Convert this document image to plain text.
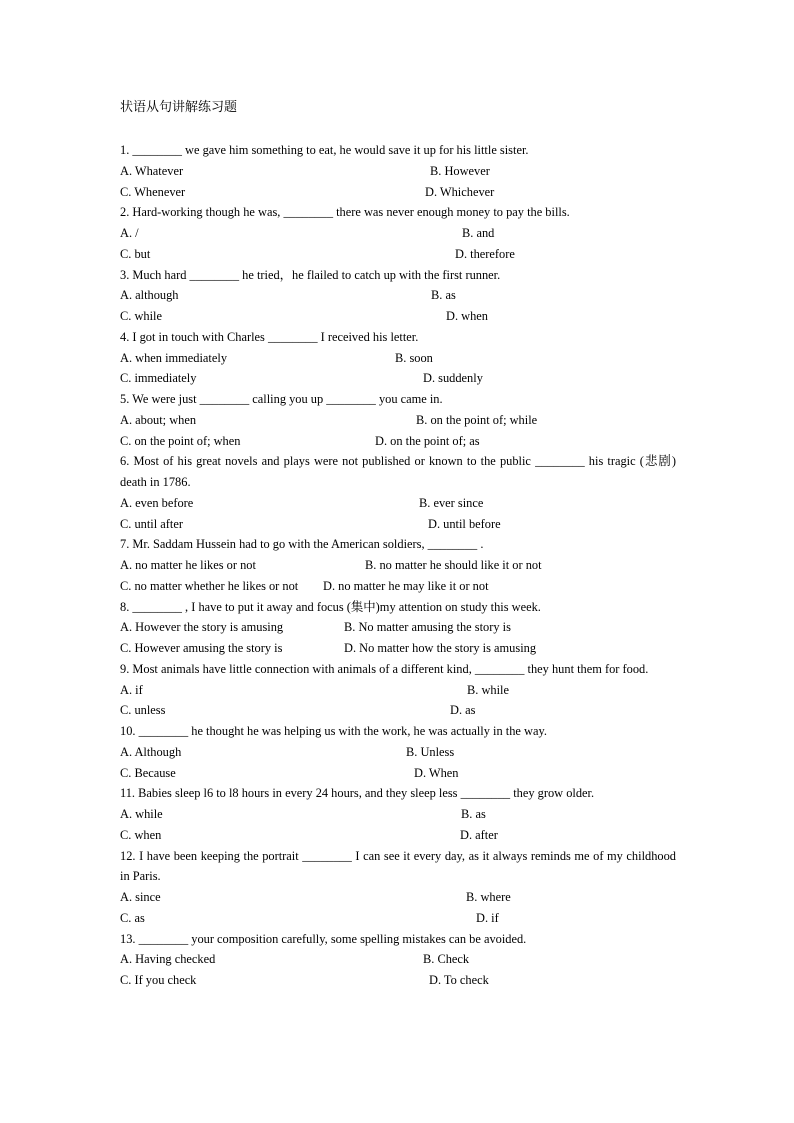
状语从句讲解练习题
1. ________ we gave him something to eat, he would save it up for his little sister.
A. Whatever	B. However
C. Whenever	D. Whichever
2. Hard-working though he was, ________ there was never enough money to pay the bills.
A. /	B. and
C. but	D. therefore
3. Much hard ________ he tried，he flailed to catch up with the first runner.
A. although	B. as
C. while	D. when
4. I got in touch with Charles ________ I received his letter.
A. when immediately	B. soon
C. immediately	D. suddenly
5. We were just ________ calling you up ________ you came in.
A. about; when	B. on the point of; while
C. on the point of; when	D. on the point of; as
6. Most of his great novels and plays were not published or known to the public ________ his tragic (悲剧) death in 1786.
A. even before	B. ever since
C. until after	D. until before
7. Mr. Saddam Hussein had to go with the American soldiers, ________ .
A. no matter he likes or not	B. no matter he should like it or not
C. no matter whether he likes or not D. no matter he may like it or not
8. ________ , I have to put it away and focus (集中)my attention on study this week.
A. However the story is amusing	B. No matter amusing the story is
C. However amusing the story is	D. No matter how the story is amusing
9. Most animals have little connection with animals of a different kind, ________ they hunt them for food.
A. if	B. while
C. unless	D. as
10. ________ he thought he was helping us with the work, he was actually in the way.
A. Although	B. Unless
C. Because	D. When
11. Babies sleep l6 to l8 hours in every 24 hours, and they sleep less ________ they grow older.
A. while	B. as
C. when	D. after
12. I have been keeping the portrait ________ I can see it every day, as it always reminds me of my childhood in Paris.
A. since	B. where
C. as	D. if
13. ________ your composition carefully, some spelling mistakes can be avoided.
A. Having checked	B. Check
C. If you check	D. To check
